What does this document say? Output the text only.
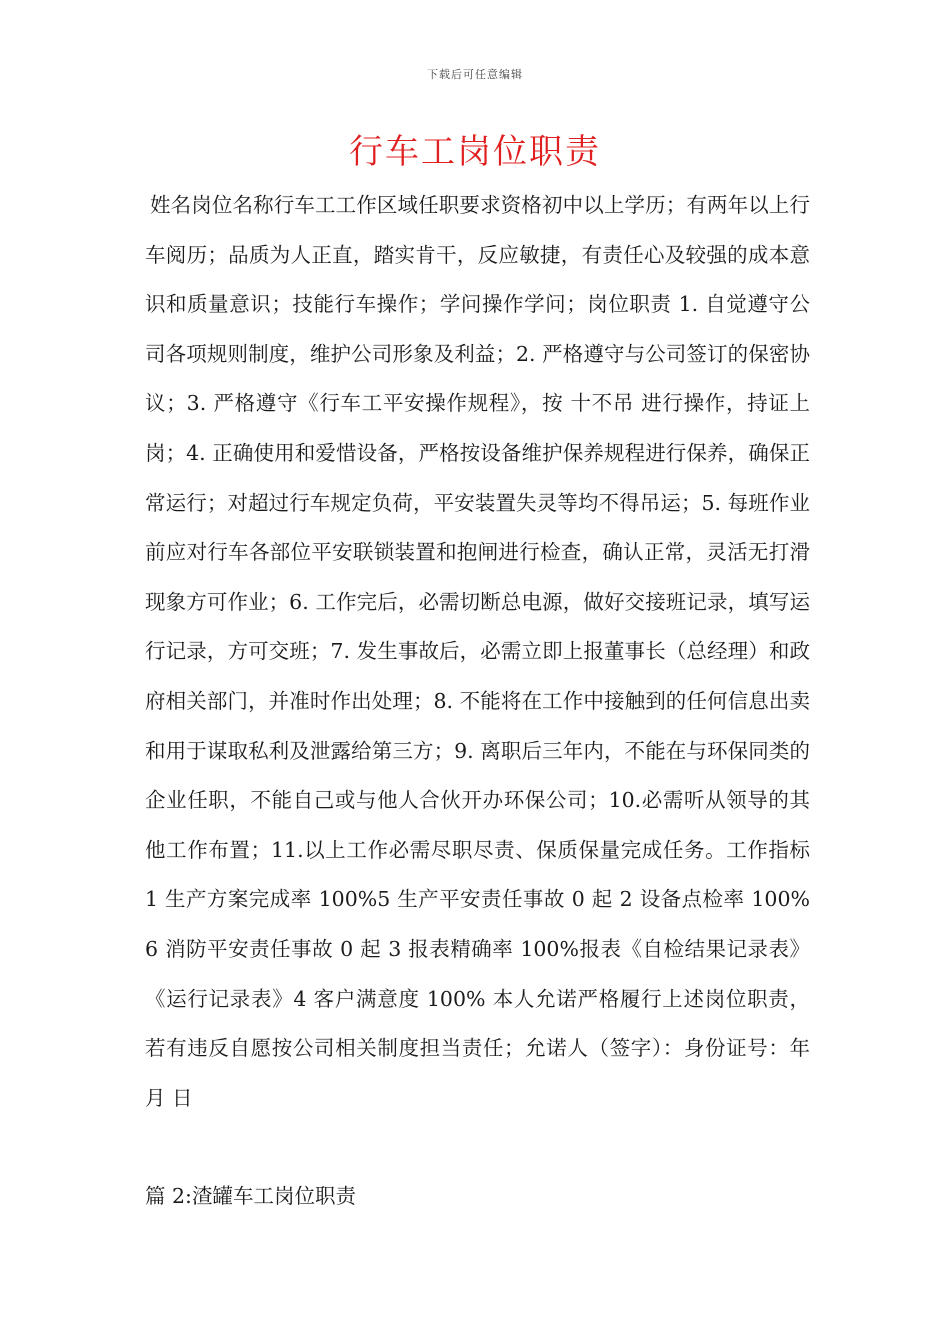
下载后可任意编辑
行车工岗位职责

姓名岗位名称行车工工作区域任职要求资格初中以上学历；有两年以上行车阅历；品质为人正直，踏实肯干，反应敏捷，有责任心及较强的成本意识和质量意识；技能行车操作；学问操作学问；岗位职责 1. 自觉遵守公司各项规则制度，维护公司形象及利益；2. 严格遵守与公司签订的保密协议；3. 严格遵守《行车工平安操作规程》，按 十不吊 进行操作，持证上岗；4. 正确使用和爱惜设备，严格按设备维护保养规程进行保养，确保正常运行；对超过行车规定负荷，平安装置失灵等均不得吊运；5. 每班作业前应对行车各部位平安联锁装置和抱闸进行检查，确认正常，灵活无打滑现象方可作业；6. 工作完后，必需切断总电源，做好交接班记录，填写运行记录，方可交班；7. 发生事故后，必需立即上报董事长（总经理）和政府相关部门，并准时作出处理；8. 不能将在工作中接触到的任何信息出卖和用于谋取私利及泄露给第三方；9. 离职后三年内，不能在与环保同类的企业任职，不能自己或与他人合伙开办环保公司；10.必需听从领导的其他工作布置；11.以上工作必需尽职尽责、保质保量完成任务。工作指标 1 生产方案完成率 100%5 生产平安责任事故 0 起 2 设备点检率 100%6 消防平安责任事故 0 起 3 报表精确率 100%报表《自检结果记录表》《运行记录表》4 客户满意度 100% 本人允诺严格履行上述岗位职责，若有违反自愿按公司相关制度担当责任；允诺人（签字）：身份证号：年 月 日

篇 2:渣罐车工岗位职责
